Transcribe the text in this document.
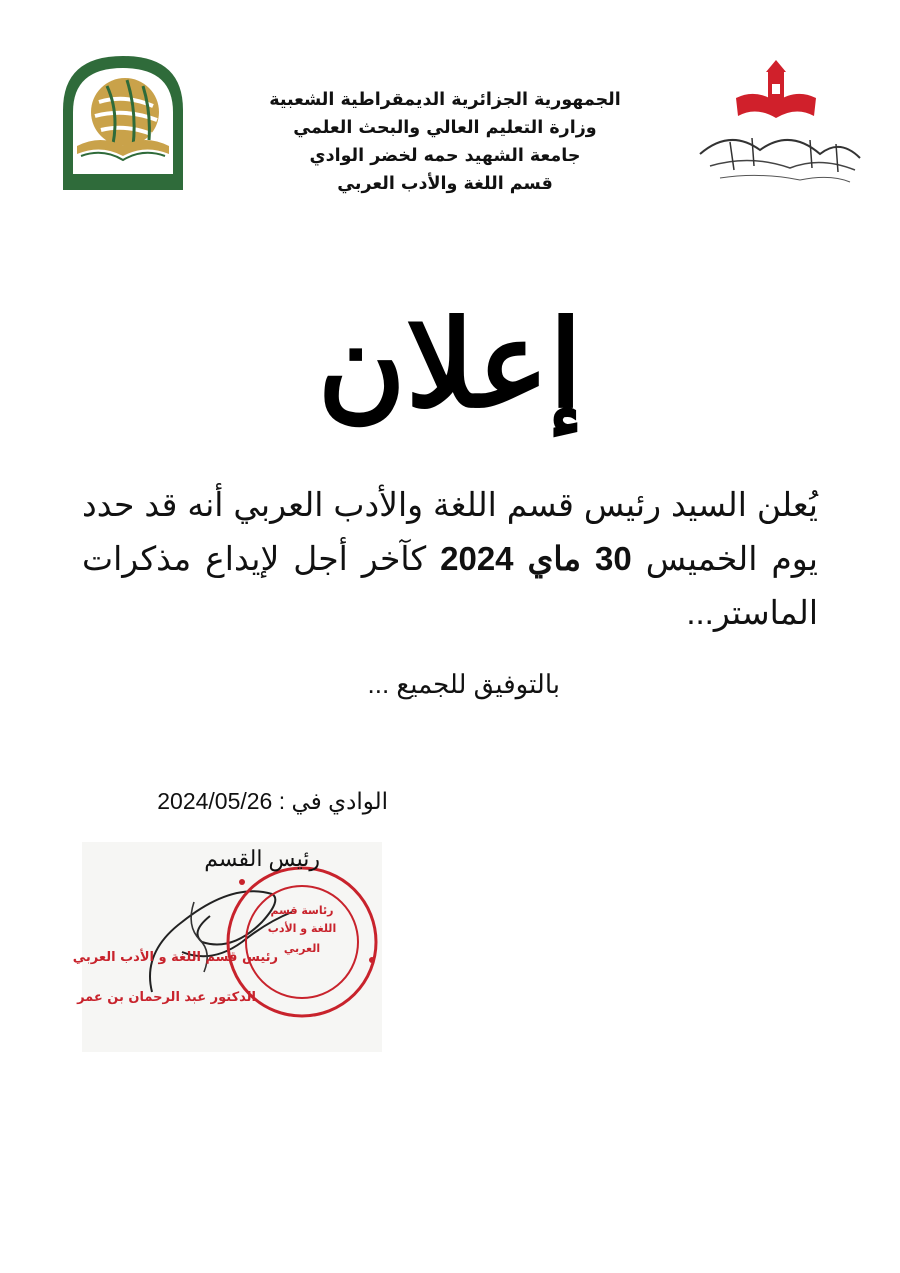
الجمهورية الجزائرية الديمقراطية الشعبية
وزارة التعليم العالي والبحث العلمي
جامعة الشهيد حمه لخضر الوادي
قسم اللغة والأدب العربي
إعلان
يُعلن السيد رئيس قسم اللغة والأدب العربي أنه قد حدد يوم الخميس 30 ماي 2024 كآخر أجل لإيداع مذكرات الماستر...
بالتوفيق للجميع ...
رئاسة قسم
اللغة و الأدب
العربي
رئيس قسم اللغة و الأدب العربي
الدكتور عبد الرحمان بن عمر
الوادي في : 2024/05/26
رئيس القسم
